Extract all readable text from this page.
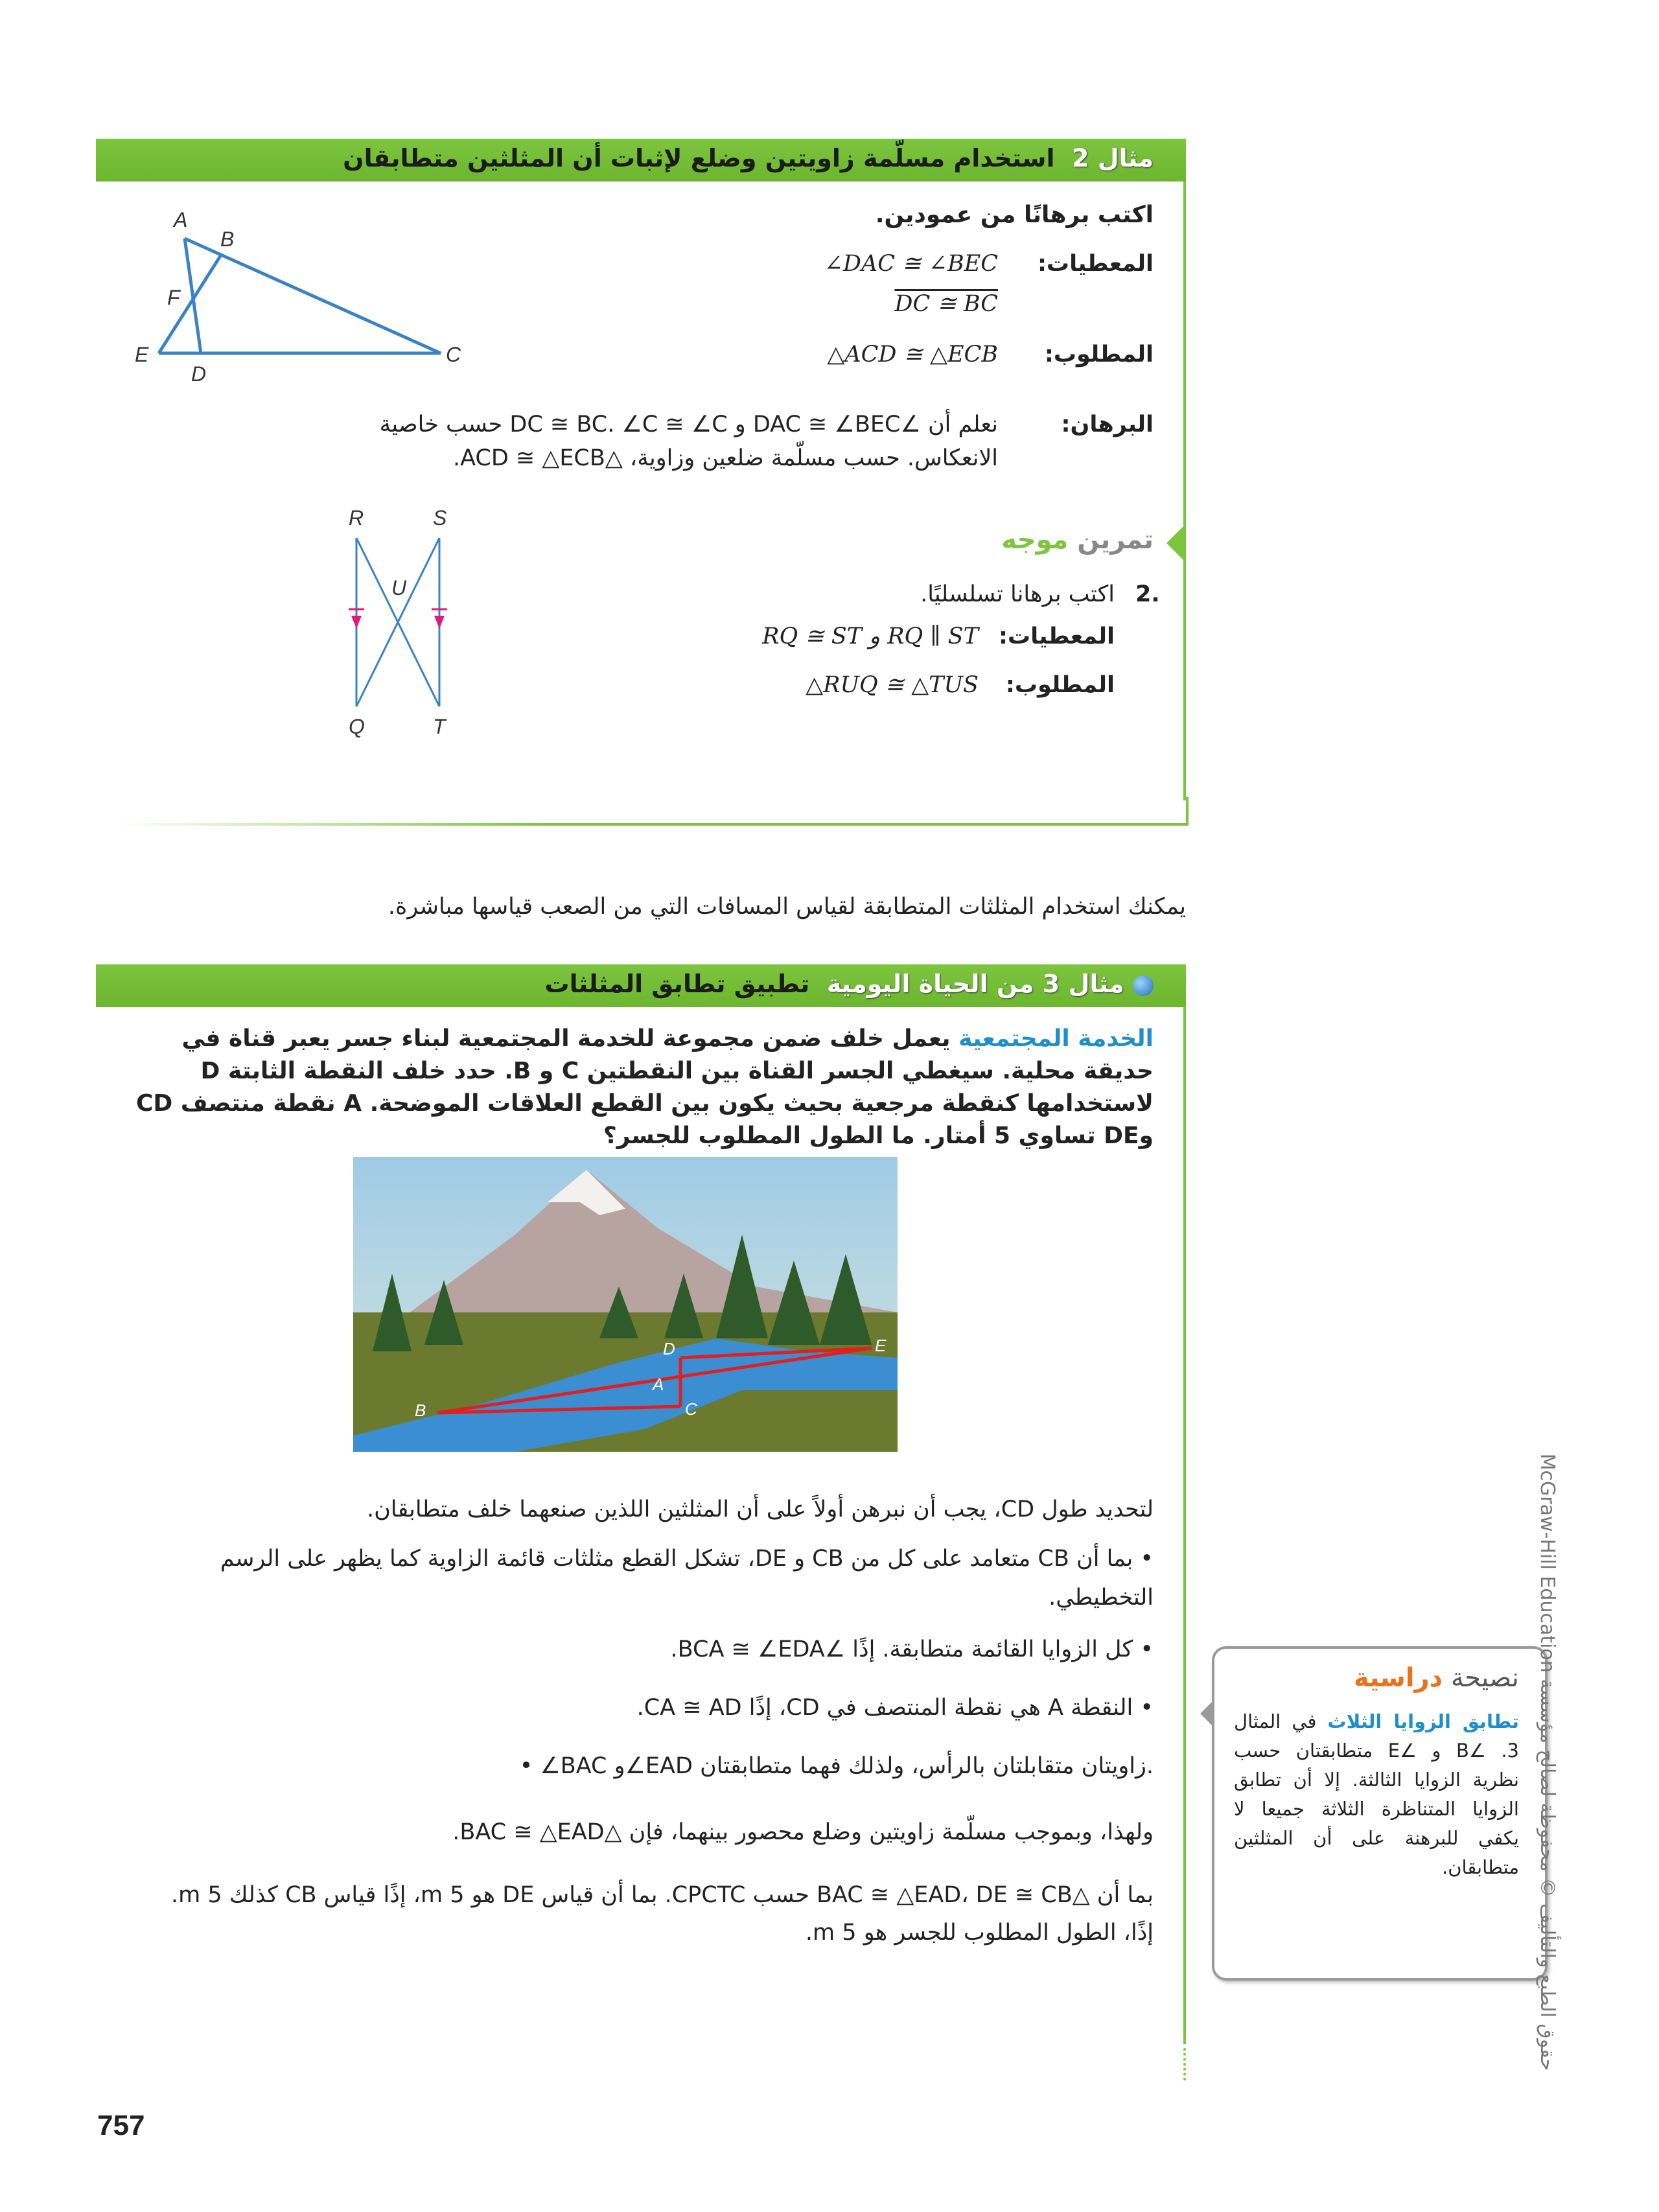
مثال 2  استخدام مسلّمة زاويتين وضلع لإثبات أن المثلثين متطابقان
اكتب برهانًا من عمودين.
المعطيات:
∠DAC ≅ ∠BEC
DC ≅ BC
المطلوب:
△ACD ≅ △ECB
البرهان:
نعلم أن ∠DAC ≅ ∠BEC و DC ≅ BC. ∠C ≅ ∠C حسب خاصية
الانعكاس. حسب مسلّمة ضلعين وزاوية، △ACD ≅ △ECB.
A
B
C
D
E
F
تمرين موجه
2.
اكتب برهانا تسلسليًا.
المعطيات:
RQ ≅ ST و RQ ∥ ST
المطلوب:
△RUQ ≅ △TUS
R	S
U
Q	T
يمكنك استخدام المثلثات المتطابقة لقياس المسافات التي من الصعب قياسها مباشرة.
مثال 3 من الحياة اليومية  تطبيق تطابق المثلثات
الخدمة المجتمعية يعمل خلف ضمن مجموعة للخدمة المجتمعية لبناء جسر يعبر قناة في حديقة محلية. سيغطي الجسر القناة بين النقطتين C و B. حدد خلف النقطة الثابتة D لاستخدامها كنقطة مرجعية بحيث يكون بين القطع العلاقات الموضحة. A نقطة منتصف CD وDE تساوي 5 أمتار. ما الطول المطلوب للجسر؟
B	C
A
D	E
لتحديد طول CD، يجب أن نبرهن أولاً على أن المثلثين اللذين صنعهما خلف متطابقان.
• بما أن CB متعامد على كل من CB و DE، تشكل القطع مثلثات قائمة الزاوية كما يظهر على الرسم التخطيطي.
• كل الزوايا القائمة متطابقة. إذًا ∠BCA ≅ ∠EDA.
• النقطة A هي نقطة المنتصف في CD، إذًا CA ≅ AD.
• ∠BAC و∠EAD زاويتان متقابلتان بالرأس، ولذلك فهما متطابقتان.
ولهذا، وبموجب مسلّمة زاويتين وضلع محصور بينهما، فإن △BAC ≅ △EAD.
بما أن △BAC ≅ △EAD، DE ≅ CB حسب CPCTC. بما أن قياس DE هو 5 m، إذًا قياس CB كذلك 5 m. إذًا، الطول المطلوب للجسر هو 5 m.
نصيحة دراسية
تطابق الزوايا الثلاث في المثال 3. ∠B و ∠E متطابقتان حسب نظرية الزوايا الثالثة. إلا أن تطابق الزوايا المتناظرة الثلاثة جميعا لا يكفي للبرهنة على أن المثلثين متطابقان.
حقوق الطبع والتأليف © محفوظة لصالح مؤسسة McGraw-Hill Education
757
